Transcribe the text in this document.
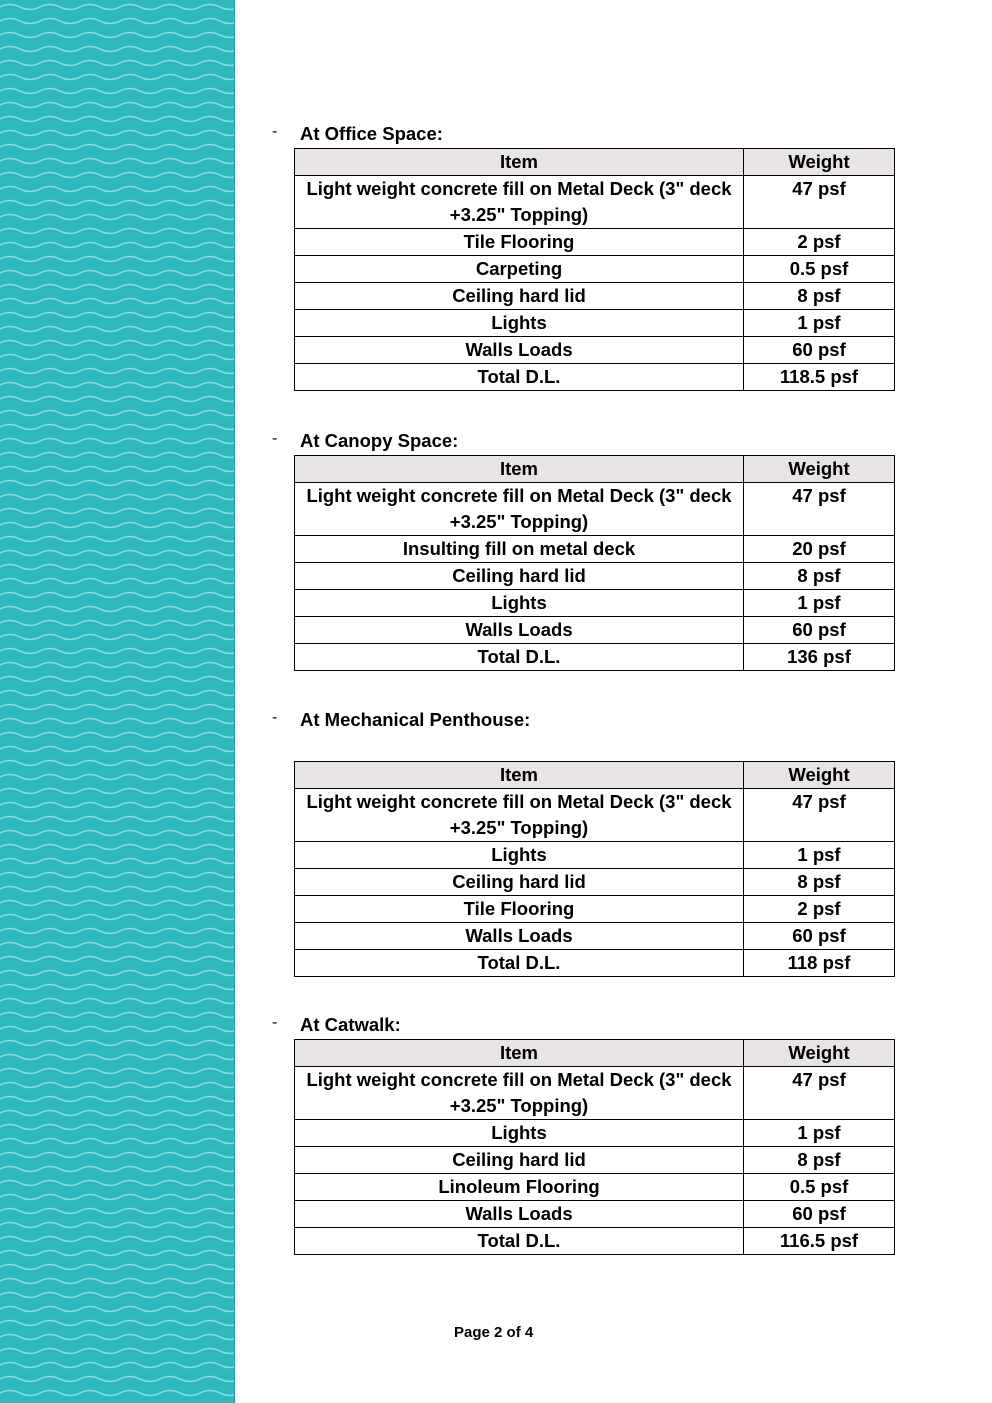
- At Office Space:
Item	Weight
Light weight concrete fill on Metal Deck (3" deck +3.25" Topping)	47 psf
Tile Flooring	2 psf
Carpeting	0.5 psf
Ceiling hard lid	8 psf
Lights	1 psf
Walls Loads	60 psf
Total D.L.	118.5 psf
- At Canopy Space:
Item	Weight
Light weight concrete fill on Metal Deck (3" deck +3.25" Topping)	47 psf
Insulting fill on metal deck	20 psf
Ceiling hard lid	8 psf
Lights	1 psf
Walls Loads	60 psf
Total D.L.	136 psf
- At Mechanical Penthouse:
Item	Weight
Light weight concrete fill on Metal Deck (3" deck +3.25" Topping)	47 psf
Lights	1 psf
Ceiling hard lid	8 psf
Tile Flooring	2 psf
Walls Loads	60 psf
Total D.L.	118 psf
- At Catwalk:
Item	Weight
Light weight concrete fill on Metal Deck (3" deck +3.25" Topping)	47 psf
Lights	1 psf
Ceiling hard lid	8 psf
Linoleum Flooring	0.5 psf
Walls Loads	60 psf
Total D.L.	116.5 psf
Page 2 of 4
